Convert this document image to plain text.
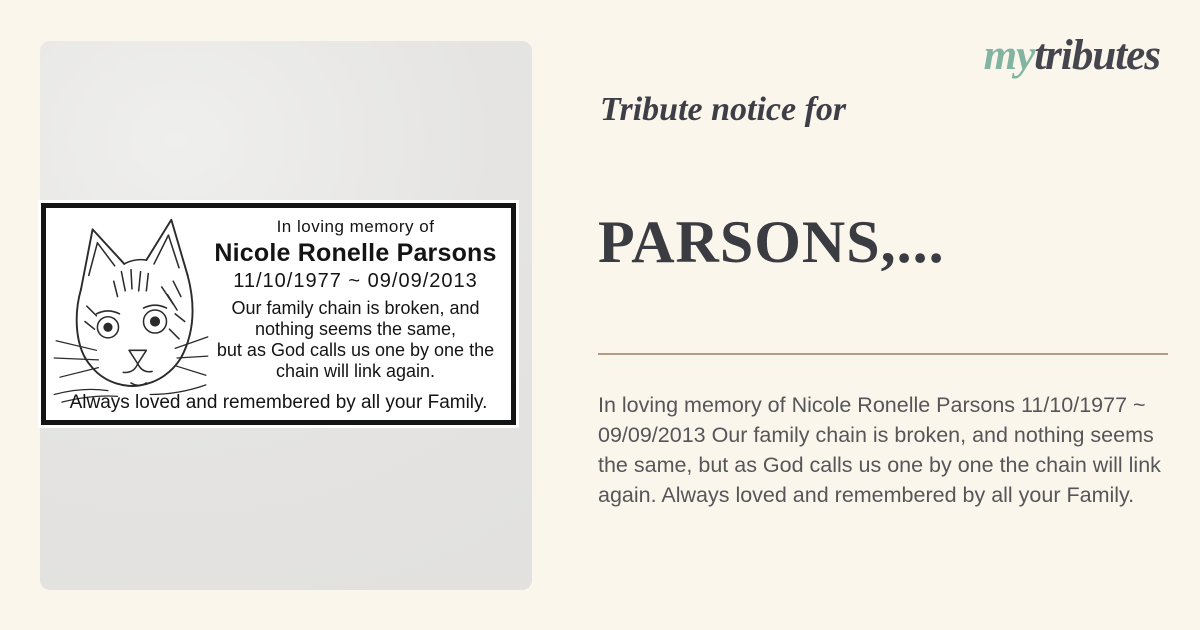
In loving memory of
Nicole Ronelle Parsons
11/10/1977 ~ 09/09/2013
Our family chain is broken, and
nothing seems the same,
but as God calls us one by one the
chain will link again.
Always loved and remembered by all your Family.
mytributes
Tribute notice for
PARSONS,...

In loving memory of Nicole Ronelle Parsons 11/10/1977 ~ 09/09/2013 Our family chain is broken, and nothing seems the same, but as God calls us one by one the chain will link again. Always loved and remembered by all your Family.
